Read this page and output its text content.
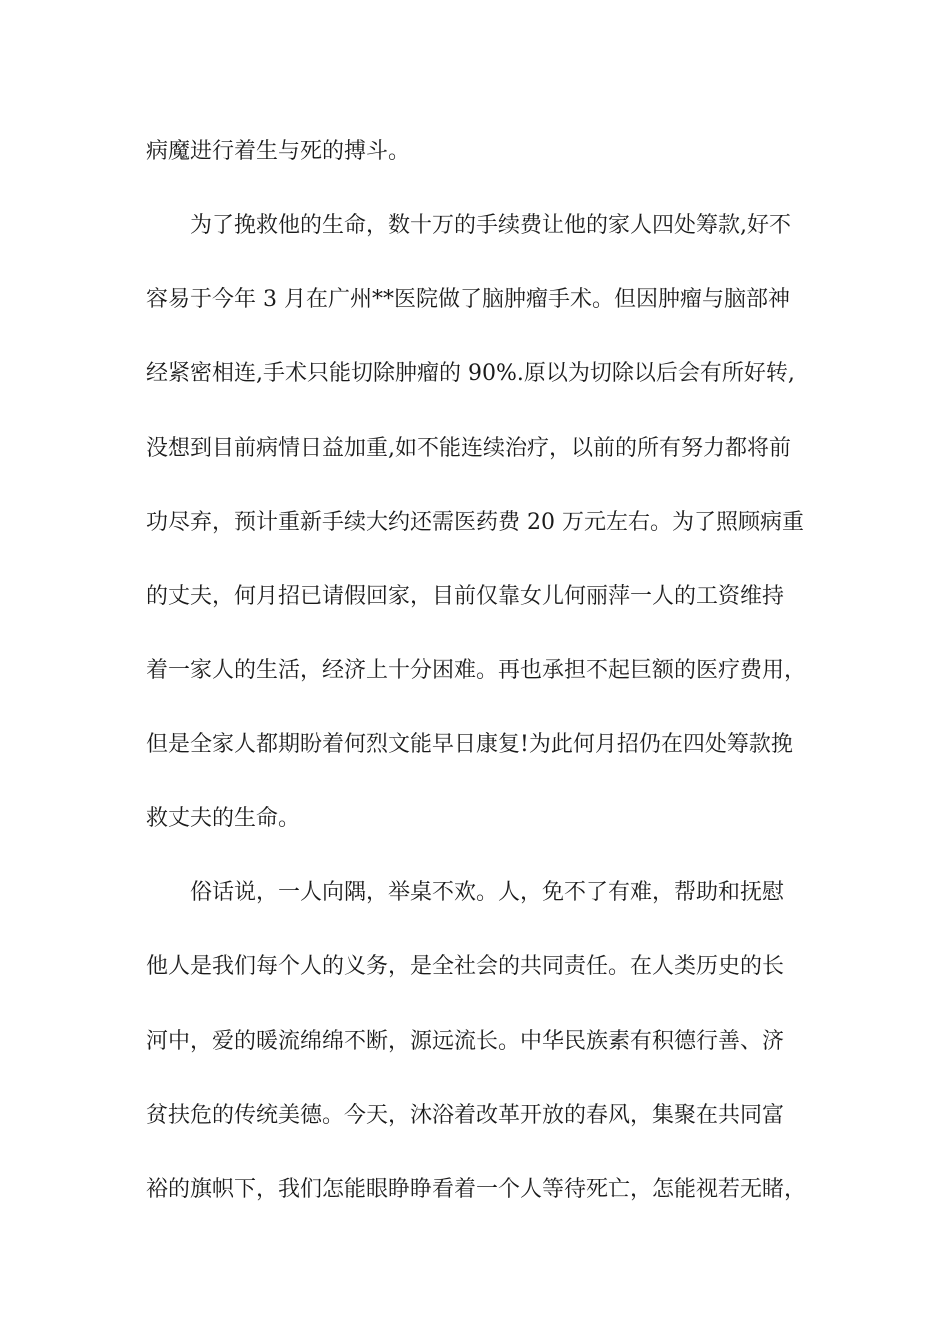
病魔进行着生与死的搏斗。

为了挽救他的生命，数十万的手续费让他的家人四处筹款,好不

容易于今年 3 月在广州**医院做了脑肿瘤手术。但因肿瘤与脑部神

经紧密相连,手术只能切除肿瘤的 90%.原以为切除以后会有所好转,

没想到目前病情日益加重,如不能连续治疗，以前的所有努力都将前

功尽弃，预计重新手续大约还需医药费 20 万元左右。为了照顾病重

的丈夫，何月招已请假回家，目前仅靠女儿何丽萍一人的工资维持

着一家人的生活，经济上十分困难。再也承担不起巨额的医疗费用，

但是全家人都期盼着何烈文能早日康复!为此何月招仍在四处筹款挽

救丈夫的生命。

俗话说，一人向隅，举桌不欢。人，免不了有难，帮助和抚慰

他人是我们每个人的义务，是全社会的共同责任。在人类历史的长

河中，爱的暖流绵绵不断，源远流长。中华民族素有积德行善、济

贫扶危的传统美德。今天，沐浴着改革开放的春风，集聚在共同富

裕的旗帜下，我们怎能眼睁睁看着一个人等待死亡，怎能视若无睹，
